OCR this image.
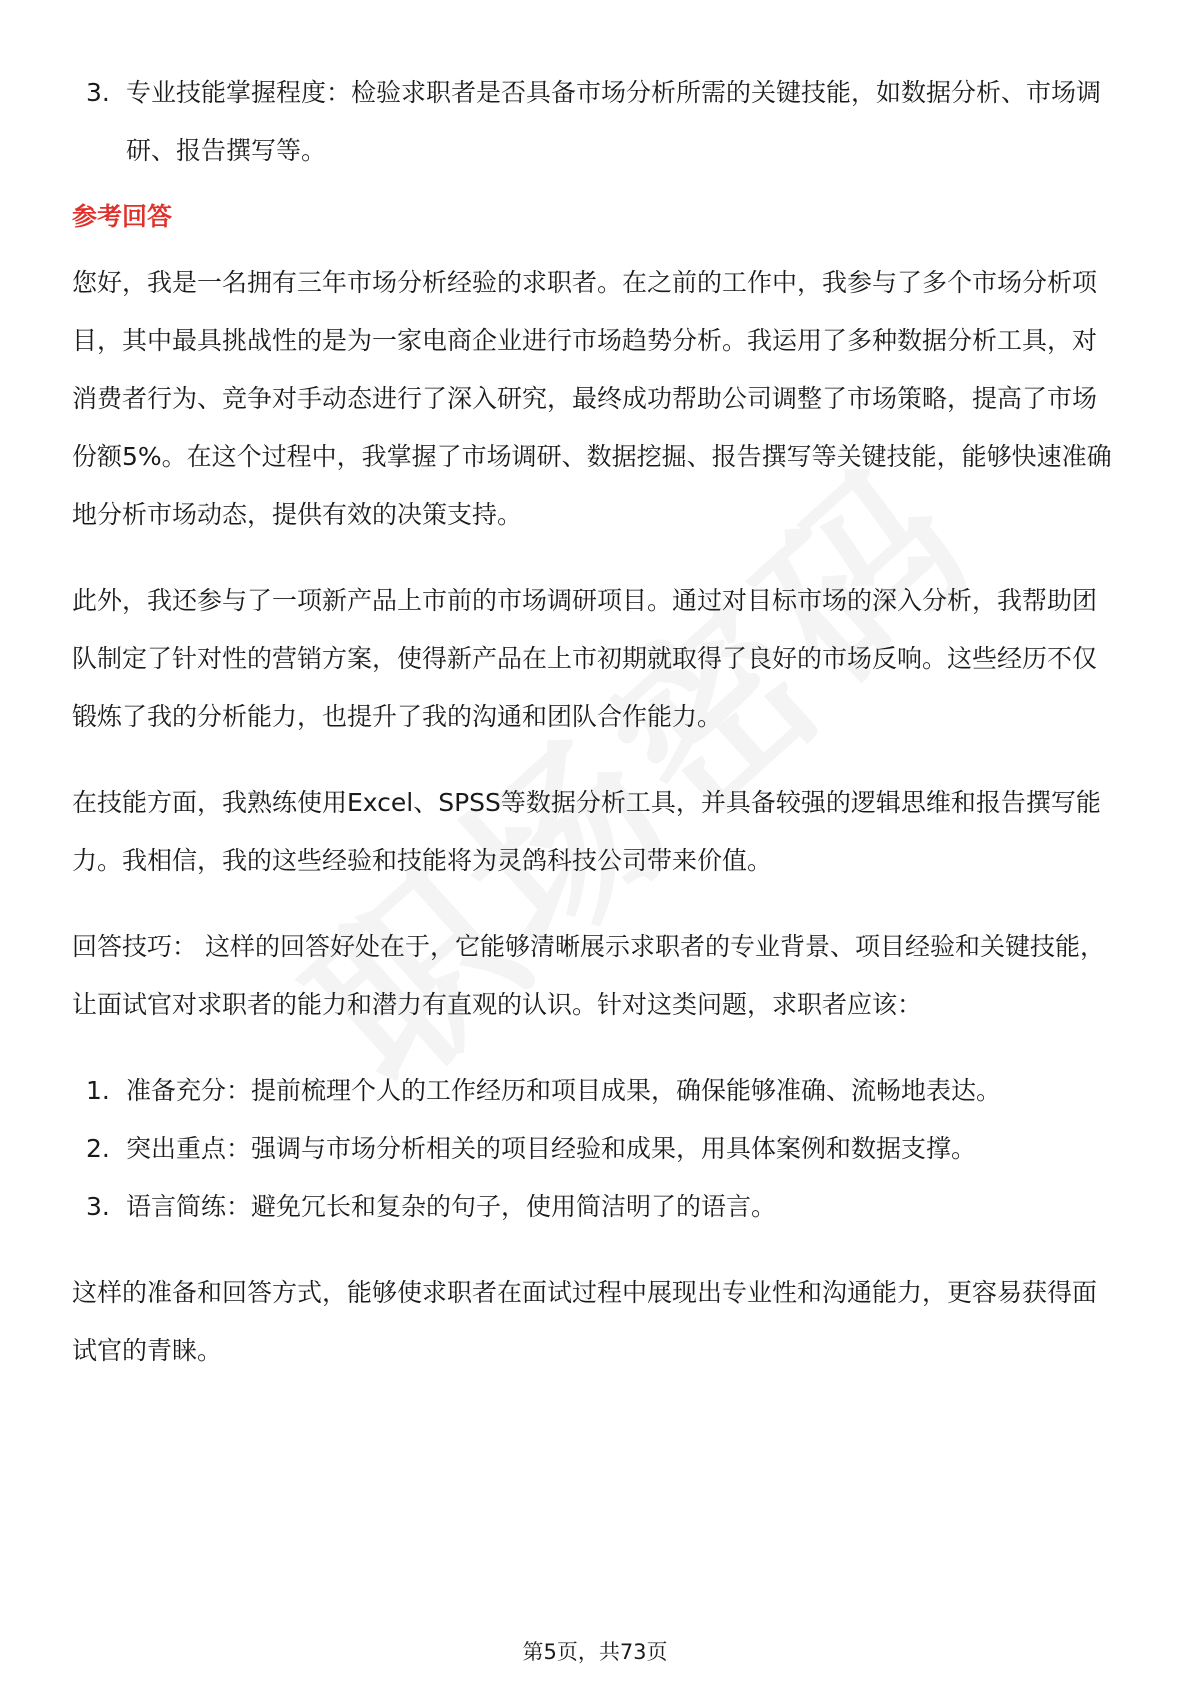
3. 专业技能掌握程度：检验求职者是否具备市场分析所需的关键技能，如数据分析、市场调研、报告撰写等。
参考回答

您好，我是一名拥有三年市场分析经验的求职者。在之前的工作中，我参与了多个市场分析项目，其中最具挑战性的是为一家电商企业进行市场趋势分析。我运用了多种数据分析工具，对消费者行为、竞争对手动态进行了深入研究，最终成功帮助公司调整了市场策略，提高了市场份额5%。在这个过程中，我掌握了市场调研、数据挖掘、报告撰写等关键技能，能够快速准确地分析市场动态，提供有效的决策支持。

此外，我还参与了一项新产品上市前的市场调研项目。通过对目标市场的深入分析，我帮助团队制定了针对性的营销方案，使得新产品在上市初期就取得了良好的市场反响。这些经历不仅锻炼了我的分析能力，也提升了我的沟通和团队合作能力。

在技能方面，我熟练使用Excel、SPSS等数据分析工具，并具备较强的逻辑思维和报告撰写能力。我相信，我的这些经验和技能将为灵鸽科技公司带来价值。

回答技巧： 这样的回答好处在于，它能够清晰展示求职者的专业背景、项目经验和关键技能，让面试官对求职者的能力和潜力有直观的认识。针对这类问题，求职者应该：

1. 准备充分：提前梳理个人的工作经历和项目成果，确保能够准确、流畅地表达。
2. 突出重点：强调与市场分析相关的项目经验和成果，用具体案例和数据支撑。
3. 语言简练：避免冗长和复杂的句子，使用简洁明了的语言。

这样的准备和回答方式，能够使求职者在面试过程中展现出专业性和沟通能力，更容易获得面试官的青睐。

第5页，共73页
